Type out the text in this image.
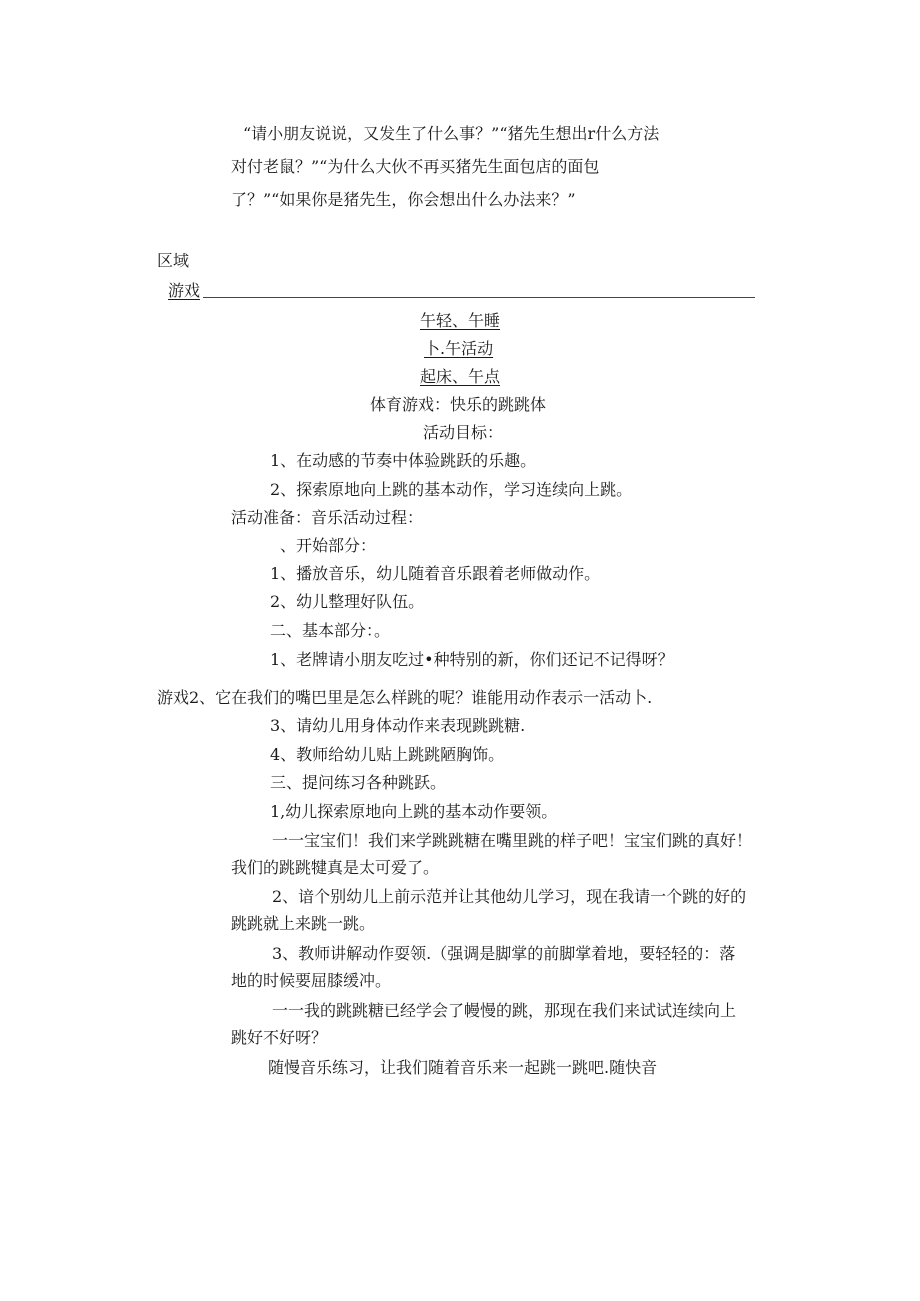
“请小朋友说说，又发生了什么事？”“猪先生想出r什么方法
对付老鼠？”“为什么大伙不再买猪先生面包店的面包
了？”“如果你是猪先生，你会想出什么办法来？”
区域
游戏
午轻、午睡
卜.午活动
起床、午点
体育游戏：快乐的跳跳体
活动目标：
1、在动感的节奏中体验跳跃的乐趣。
2、探索原地向上跳的基本动作，学习连续向上跳。
活动准备：音乐活动过程：
、开始部分：
1、播放音乐，幼儿随着音乐跟着老师做动作。
2、幼儿整理好队伍。
二、基本部分：。
1、老牌请小朋友吃过•种特别的新，你们还记不记得呀？
游戏2、它在我们的嘴巴里是怎么样跳的呢？谁能用动作表示一活动卜.
3、请幼儿用身体动作来表现跳跳糖.
4、教师给幼儿贴上跳跳陋胸饰。
三、提问练习各种跳跃。
1,幼儿探索原地向上跳的基本动作要领。
一一宝宝们！我们来学跳跳糖在嘴里跳的样子吧！宝宝们跳的真好！
我们的跳跳犍真是太可爱了。
2、谙个别幼儿上前示范并让其他幼儿学习，现在我请一个跳的好的
跳跳就上来跳一跳。
3、教师讲解动作耍领.（强调是脚掌的前脚掌着地，要轻轻的：落
地的时候要屈膝缓冲。
一一我的跳跳糖已经学会了幔慢的跳，那现在我们来试试连续向上
跳好不好呀？
随慢音乐练习，让我们随着音乐来一起跳一跳吧.随快音
